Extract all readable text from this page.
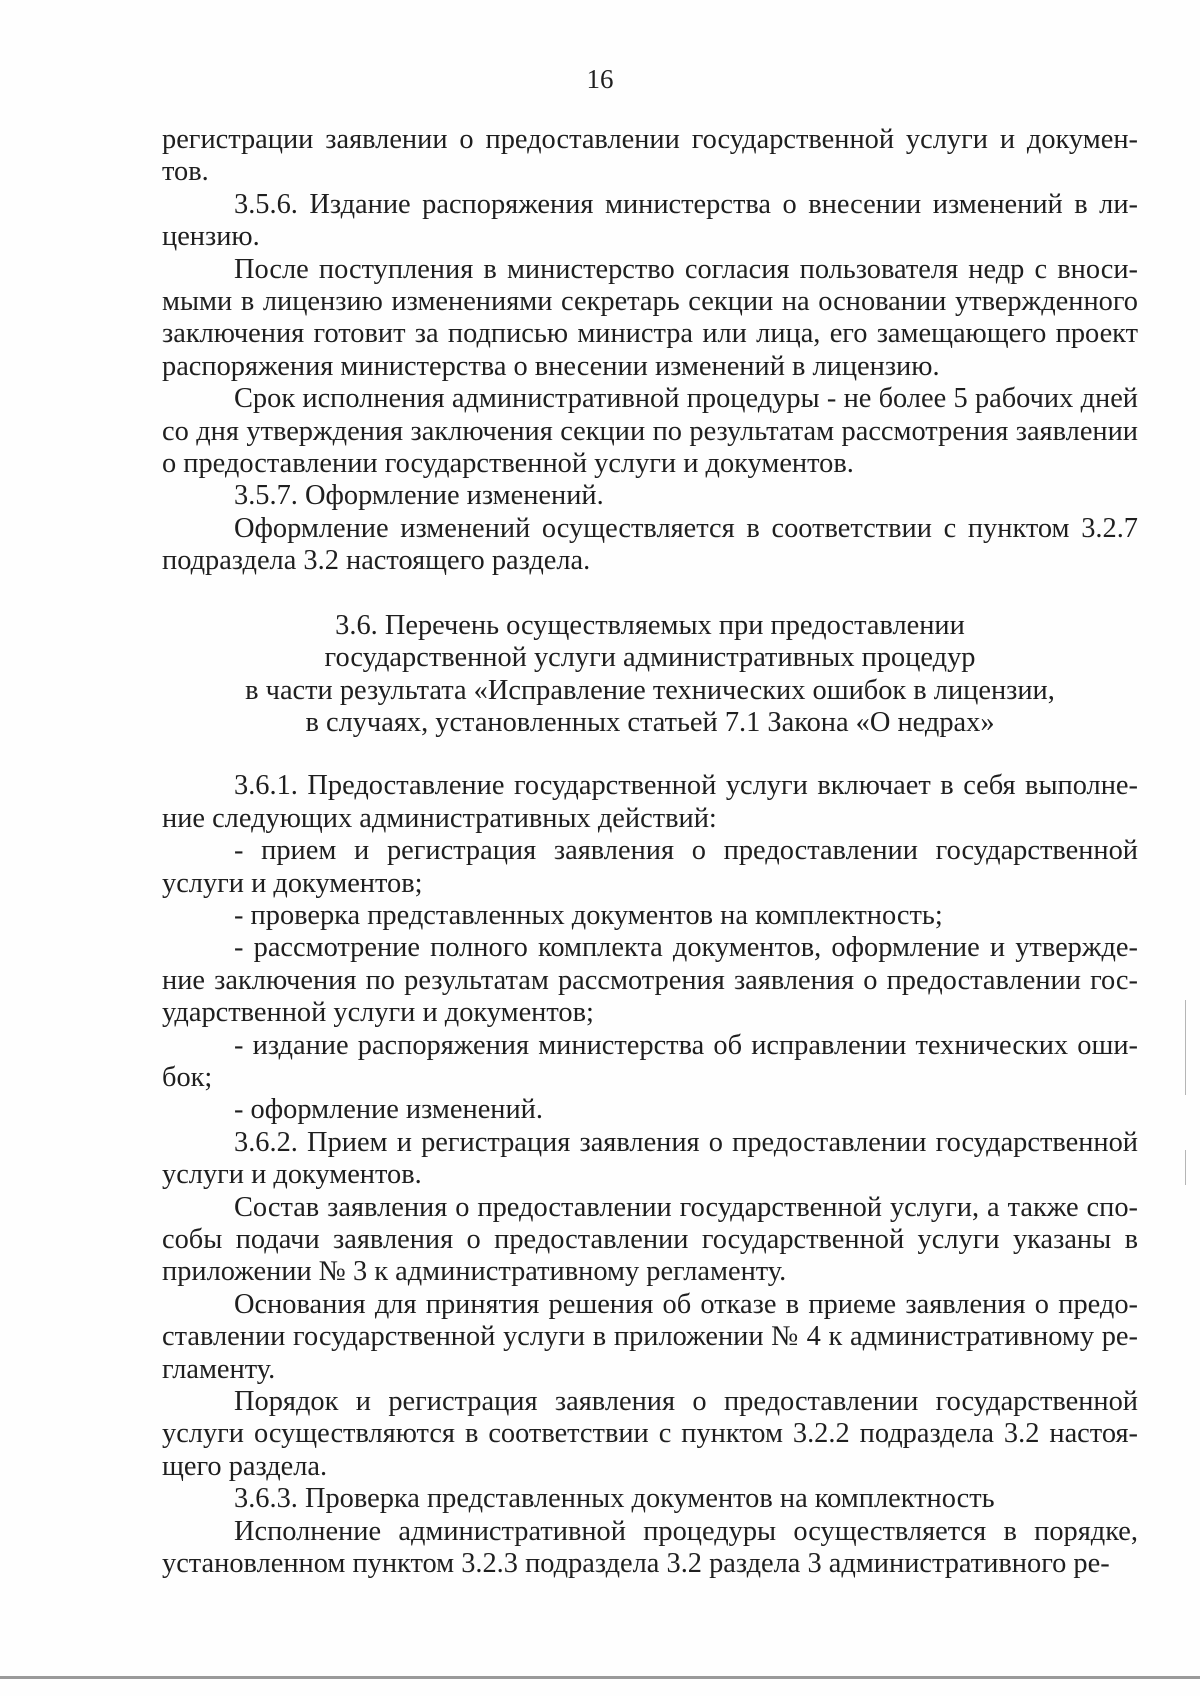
16

регистрации заявлении о предоставлении государственной услуги и документов.

3.5.6. Издание распоряжения министерства о внесении изменений в лицензию.

После поступления в министерство согласия пользователя недр с вносимыми в лицензию изменениями секретарь секции на основании утвержденного заключения готовит за подписью министра или лица, его замещающего проект распоряжения министерства о внесении изменений в лицензию.

Срок исполнения административной процедуры - не более 5 рабочих дней со дня утверждения заключения секции по результатам рассмотрения заявлении о предоставлении государственной услуги и документов.

3.5.7. Оформление изменений.

Оформление изменений осуществляется в соответствии с пунктом 3.2.7 подраздела 3.2 настоящего раздела.

3.6. Перечень осуществляемых при предоставлении

государственной услуги административных процедур

в части результата «Исправление технических ошибок в лицензии,

в случаях, установленных статьей 7.1 Закона «О недрах»

3.6.1. Предоставление государственной услуги включает в себя выполнение следующих административных действий:

- прием и регистрация заявления о предоставлении государственной услуги и документов;

- проверка представленных документов на комплектность;

- рассмотрение полного комплекта документов, оформление и утверждение заключения по результатам рассмотрения заявления о предоставлении государственной услуги и документов;

- издание распоряжения министерства об исправлении технических ошибок;

- оформление изменений.

3.6.2. Прием и регистрация заявления о предоставлении государственной услуги и документов.

Состав заявления о предоставлении государственной услуги, а также способы подачи заявления о предоставлении государственной услуги указаны в приложении № 3 к административному регламенту.

Основания для принятия решения об отказе в приеме заявления о предоставлении государственной услуги в приложении № 4 к административному регламенту.

Порядок и регистрация заявления о предоставлении государственной услуги осуществляются в соответствии с пунктом 3.2.2 подраздела 3.2 настоящего раздела.

3.6.3. Проверка представленных документов на комплектность

Исполнение административной процедуры осуществляется в порядке, установленном пунктом 3.2.3 подраздела 3.2 раздела 3 административного ре-
